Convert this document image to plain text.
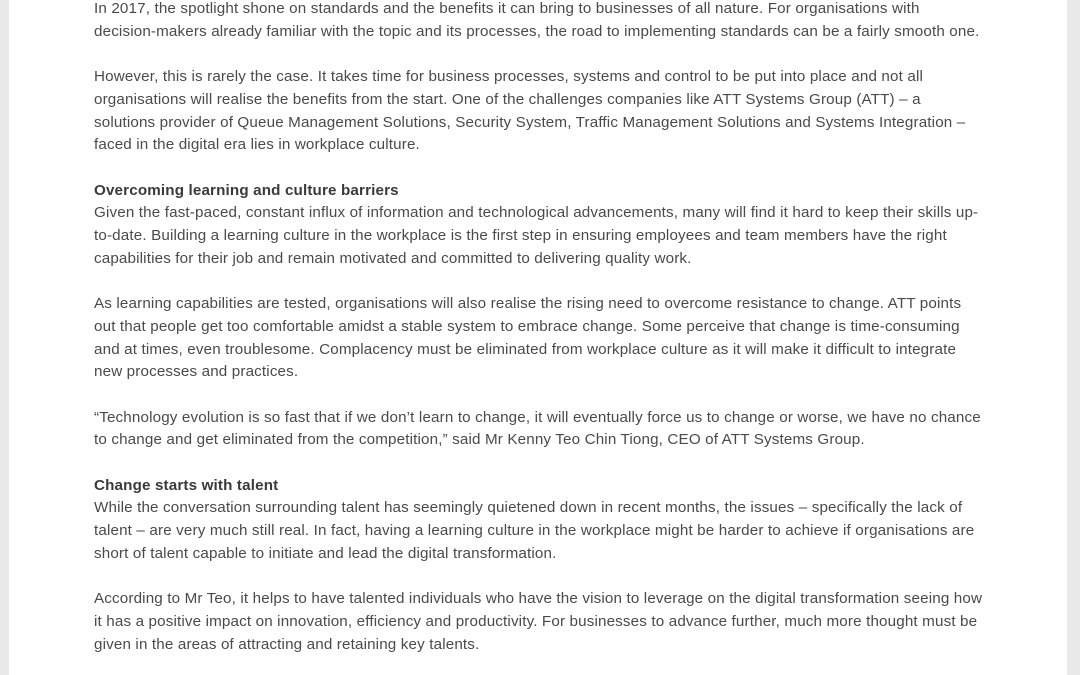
In 2017, the spotlight shone on standards and the benefits it can bring to businesses of all nature. For organisations with decision-makers already familiar with the topic and its processes, the road to implementing standards can be a fairly smooth one.

However, this is rarely the case. It takes time for business processes, systems and control to be put into place and not all organisations will realise the benefits from the start. One of the challenges companies like ATT Systems Group (ATT) – a solutions provider of Queue Management Solutions, Security System, Traffic Management Solutions and Systems Integration – faced in the digital era lies in workplace culture.

Overcoming learning and culture barriers
Given the fast-paced, constant influx of information and technological advancements, many will find it hard to keep their skills up-to-date. Building a learning culture in the workplace is the first step in ensuring employees and team members have the right capabilities for their job and remain motivated and committed to delivering quality work.

As learning capabilities are tested, organisations will also realise the rising need to overcome resistance to change. ATT points out that people get too comfortable amidst a stable system to embrace change. Some perceive that change is time-consuming and at times, even troublesome. Complacency must be eliminated from workplace culture as it will make it difficult to integrate new processes and practices.

“Technology evolution is so fast that if we don’t learn to change, it will eventually force us to change or worse, we have no chance to change and get eliminated from the competition,” said Mr Kenny Teo Chin Tiong, CEO of ATT Systems Group.

Change starts with talent
While the conversation surrounding talent has seemingly quietened down in recent months, the issues – specifically the lack of talent – are very much still real. In fact, having a learning culture in the workplace might be harder to achieve if organisations are short of talent capable to initiate and lead the digital transformation.

According to Mr Teo, it helps to have talented individuals who have the vision to leverage on the digital transformation seeing how it has a positive impact on innovation, efficiency and productivity. For businesses to advance further, much more thought must be given in the areas of attracting and retaining key talents.
